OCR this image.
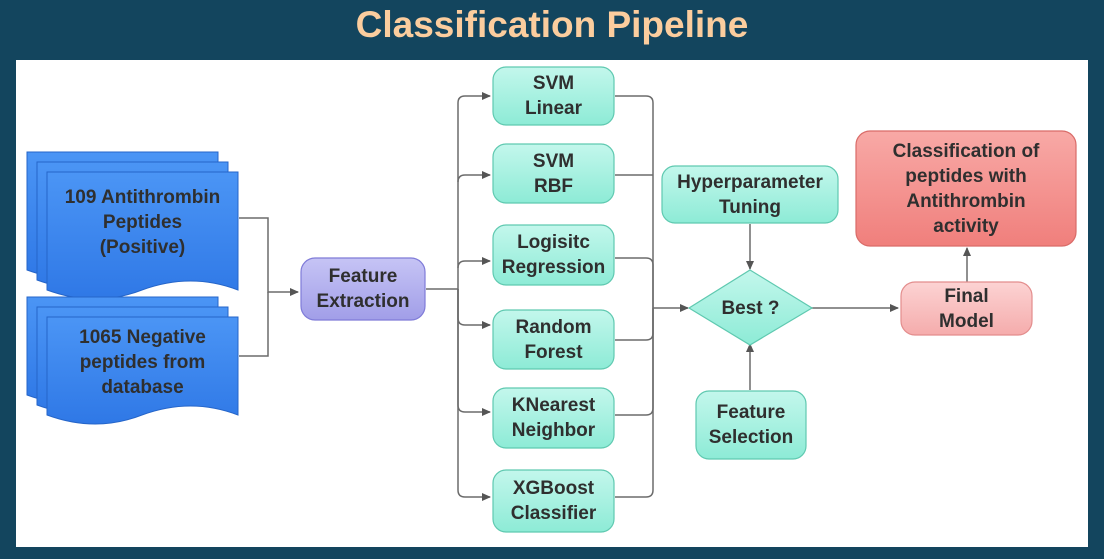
Classification Pipeline
109 Antithrombin
Peptides
(Positive)
1065 Negative
peptides from
database
Feature
Extraction
SVM
Linear
SVM
RBF
Logisitc
Regression
Random
Forest
KNearest
Neighbor
XGBoost
Classifier
Hyperparameter
Tuning
Feature
Selection
Best ?
Final
Model
Classification of
peptides with
Antithrombin
activity
